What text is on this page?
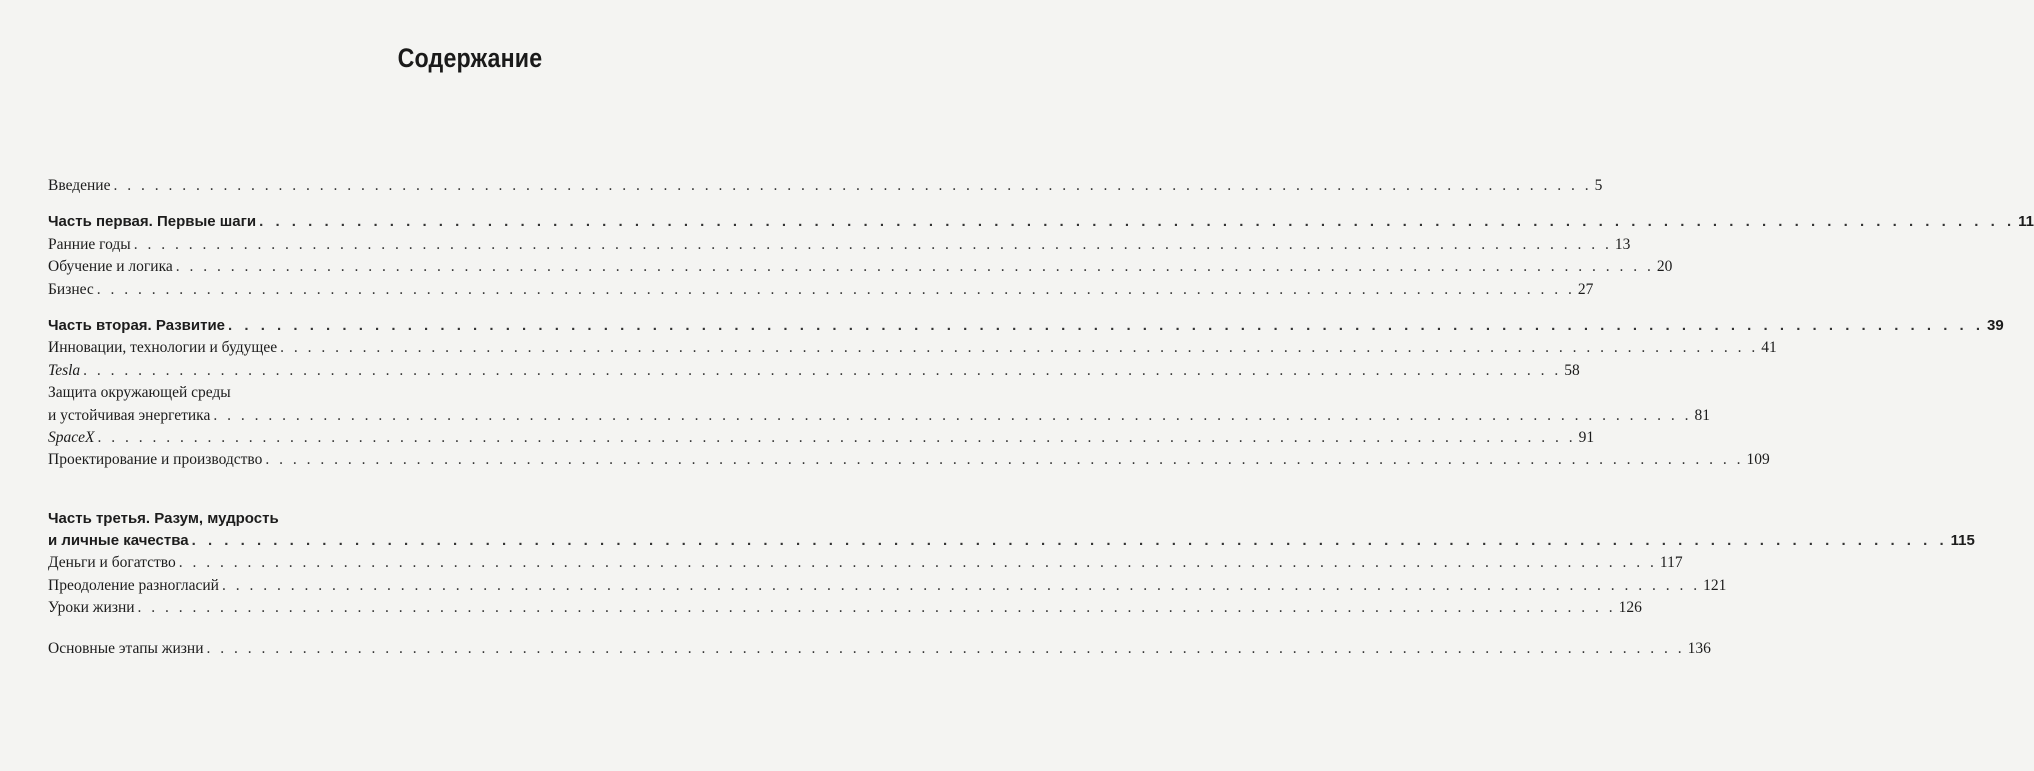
Содержание
Введение . . . . . . . . . . . . . . . . . . . . . . . . . . . . . . . . . . . . . . . . . . . . . . . . . . . . . . . . . . . . . . . . . . . . . . . . . . . . . . . . . . . . . . . . . . . . . . . . . . . . . . . . . . . . 5
Часть первая. Первые шаги . . . . . . . . . . . . . . . . . . . . . . . . . . . . . . . . . . . . . . . . . . . . . . . . . . . . . . . . . . . . . . . . . . . . . . . . . . . . . . . . . . . . . . . . . . . . . . . . . . . . . . . . . . . . 11
Ранние годы . . . . . . . . . . . . . . . . . . . . . . . . . . . . . . . . . . . . . . . . . . . . . . . . . . . . . . . . . . . . . . . . . . . . . . . . . . . . . . . . . . . . . . . . . . . . . . . . . . . . . . . . . . . . 13
Обучение и логика . . . . . . . . . . . . . . . . . . . . . . . . . . . . . . . . . . . . . . . . . . . . . . . . . . . . . . . . . . . . . . . . . . . . . . . . . . . . . . . . . . . . . . . . . . . . . . . . . . . . . . . . . . . . 20
Бизнес . . . . . . . . . . . . . . . . . . . . . . . . . . . . . . . . . . . . . . . . . . . . . . . . . . . . . . . . . . . . . . . . . . . . . . . . . . . . . . . . . . . . . . . . . . . . . . . . . . . . . . . . . . . . 27
Часть вторая. Развитие . . . . . . . . . . . . . . . . . . . . . . . . . . . . . . . . . . . . . . . . . . . . . . . . . . . . . . . . . . . . . . . . . . . . . . . . . . . . . . . . . . . . . . . . . . . . . . . . . . . . . . . . . . . . 39
Инновации, технологии и будущее . . . . . . . . . . . . . . . . . . . . . . . . . . . . . . . . . . . . . . . . . . . . . . . . . . . . . . . . . . . . . . . . . . . . . . . . . . . . . . . . . . . . . . . . . . . . . . . . . . . . . . . . . . . . 41
Tesla . . . . . . . . . . . . . . . . . . . . . . . . . . . . . . . . . . . . . . . . . . . . . . . . . . . . . . . . . . . . . . . . . . . . . . . . . . . . . . . . . . . . . . . . . . . . . . . . . . . . . . . . . . . . 58
Защита окружающей среды
и устойчивая энергетика . . . . . . . . . . . . . . . . . . . . . . . . . . . . . . . . . . . . . . . . . . . . . . . . . . . . . . . . . . . . . . . . . . . . . . . . . . . . . . . . . . . . . . . . . . . . . . . . . . . . . . . . . . . . 81
SpaceX . . . . . . . . . . . . . . . . . . . . . . . . . . . . . . . . . . . . . . . . . . . . . . . . . . . . . . . . . . . . . . . . . . . . . . . . . . . . . . . . . . . . . . . . . . . . . . . . . . . . . . . . . . . . 91
Проектирование и производство . . . . . . . . . . . . . . . . . . . . . . . . . . . . . . . . . . . . . . . . . . . . . . . . . . . . . . . . . . . . . . . . . . . . . . . . . . . . . . . . . . . . . . . . . . . . . . . . . . . . . . . . . . . . 109
Часть третья. Разум, мудрость
и личные качества . . . . . . . . . . . . . . . . . . . . . . . . . . . . . . . . . . . . . . . . . . . . . . . . . . . . . . . . . . . . . . . . . . . . . . . . . . . . . . . . . . . . . . . . . . . . . . . . . . . . . . . . . . . . 115
Деньги и богатство . . . . . . . . . . . . . . . . . . . . . . . . . . . . . . . . . . . . . . . . . . . . . . . . . . . . . . . . . . . . . . . . . . . . . . . . . . . . . . . . . . . . . . . . . . . . . . . . . . . . . . . . . . . . 117
Преодоление разногласий . . . . . . . . . . . . . . . . . . . . . . . . . . . . . . . . . . . . . . . . . . . . . . . . . . . . . . . . . . . . . . . . . . . . . . . . . . . . . . . . . . . . . . . . . . . . . . . . . . . . . . . . . . . . 121
Уроки жизни . . . . . . . . . . . . . . . . . . . . . . . . . . . . . . . . . . . . . . . . . . . . . . . . . . . . . . . . . . . . . . . . . . . . . . . . . . . . . . . . . . . . . . . . . . . . . . . . . . . . . . . . . . . . 126
Основные этапы жизни . . . . . . . . . . . . . . . . . . . . . . . . . . . . . . . . . . . . . . . . . . . . . . . . . . . . . . . . . . . . . . . . . . . . . . . . . . . . . . . . . . . . . . . . . . . . . . . . . . . . . . . . . . . . 136
